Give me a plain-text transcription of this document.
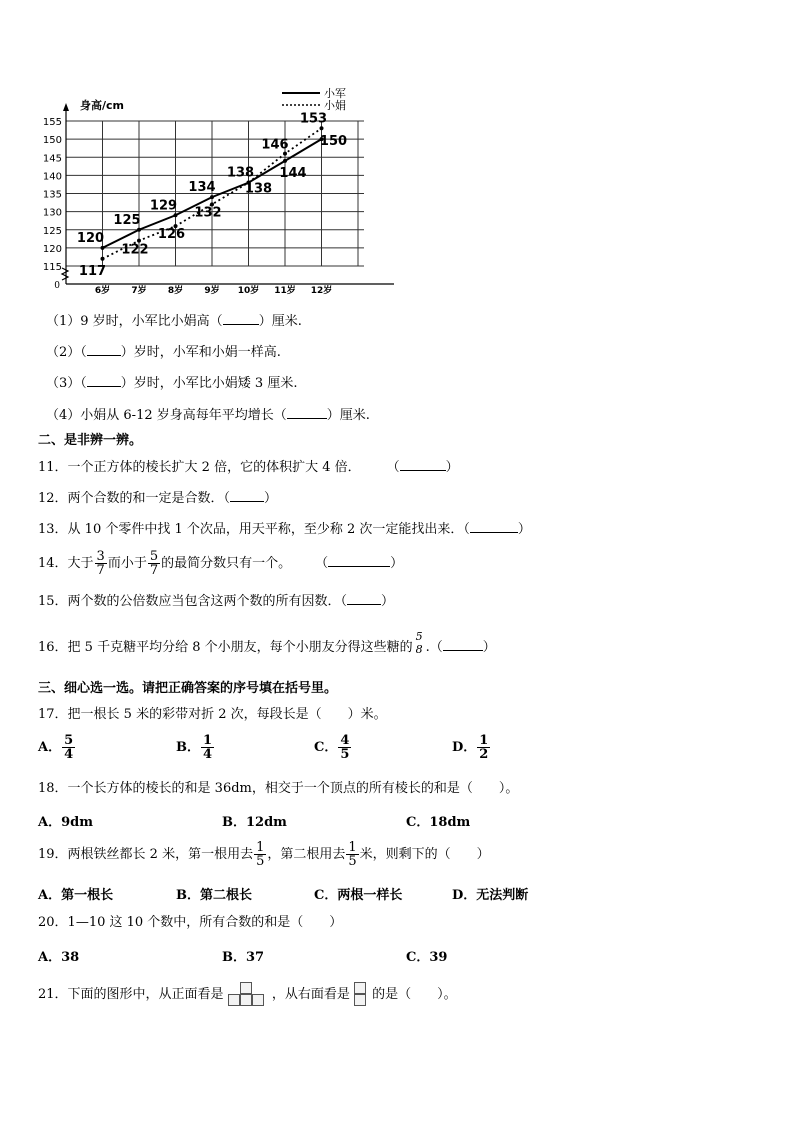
115
120
125
130
135
140
145
150
155
0
身高/cm
6岁 7岁 8岁 9岁 10岁 11岁 12岁
小军
小娟
120
125
129
134
138 144
150
117
122
126
132
138
146
153
（1）9 岁时，小军比小娟高（	）厘米.
（2）（	）岁时，小军和小娟一样高.
（3）（	）岁时，小军比小娟矮 3 厘米.
（4）小娟从 6-12 岁身高每年平均增长（	）厘米.
二、是非辨一辨。
11．一个正方体的棱长扩大 2 倍，它的体积扩大 4 倍． （	）
12．两个合数的和一定是合数．（	）
13．从 10 个零件中找 1 个次品，用天平称，至少称 2 次一定能找出来．（	）
14．大于 $\frac{3}{7}$ 而小于 $\frac{5}{7}$ 的最简分数只有一个。 （	）
15．两个数的公倍数应当包含这两个数的所有因数．（	）
16．把 5 千克糖平均分给 8 个小朋友，每个小朋友分得这些糖的
5
8 .（	）
三、细心选一选。请把正确答案的序号填在括号里。
17．把一根长 5 米的彩带对折 2 次，每段长是（　　）米。
A． $\frac{5}{4}$	B． $\frac{1}{4}$	C． $\frac{4}{5}$	D． $\frac{1}{2}$
18．一个长方体的棱长的和是 36dm，相交于一个顶点的所有棱长的和是（　　）。
A．9dm	B．12dm	C．18dm
19．两根铁丝都长 2 米，第一根用去 $\frac{1}{5}$ ，第二根用去 $\frac{1}{5}$ 米，则剩下的（　　）
A．第一根长	B．第二根长	C．两根一样长	D．无法判断
20．1—10 这 10 个数中，所有合数的和是（　　）
A．38	B．37	C．39
21．下面的图形中，从正面看是	，从右面看是 的是（　　）。
